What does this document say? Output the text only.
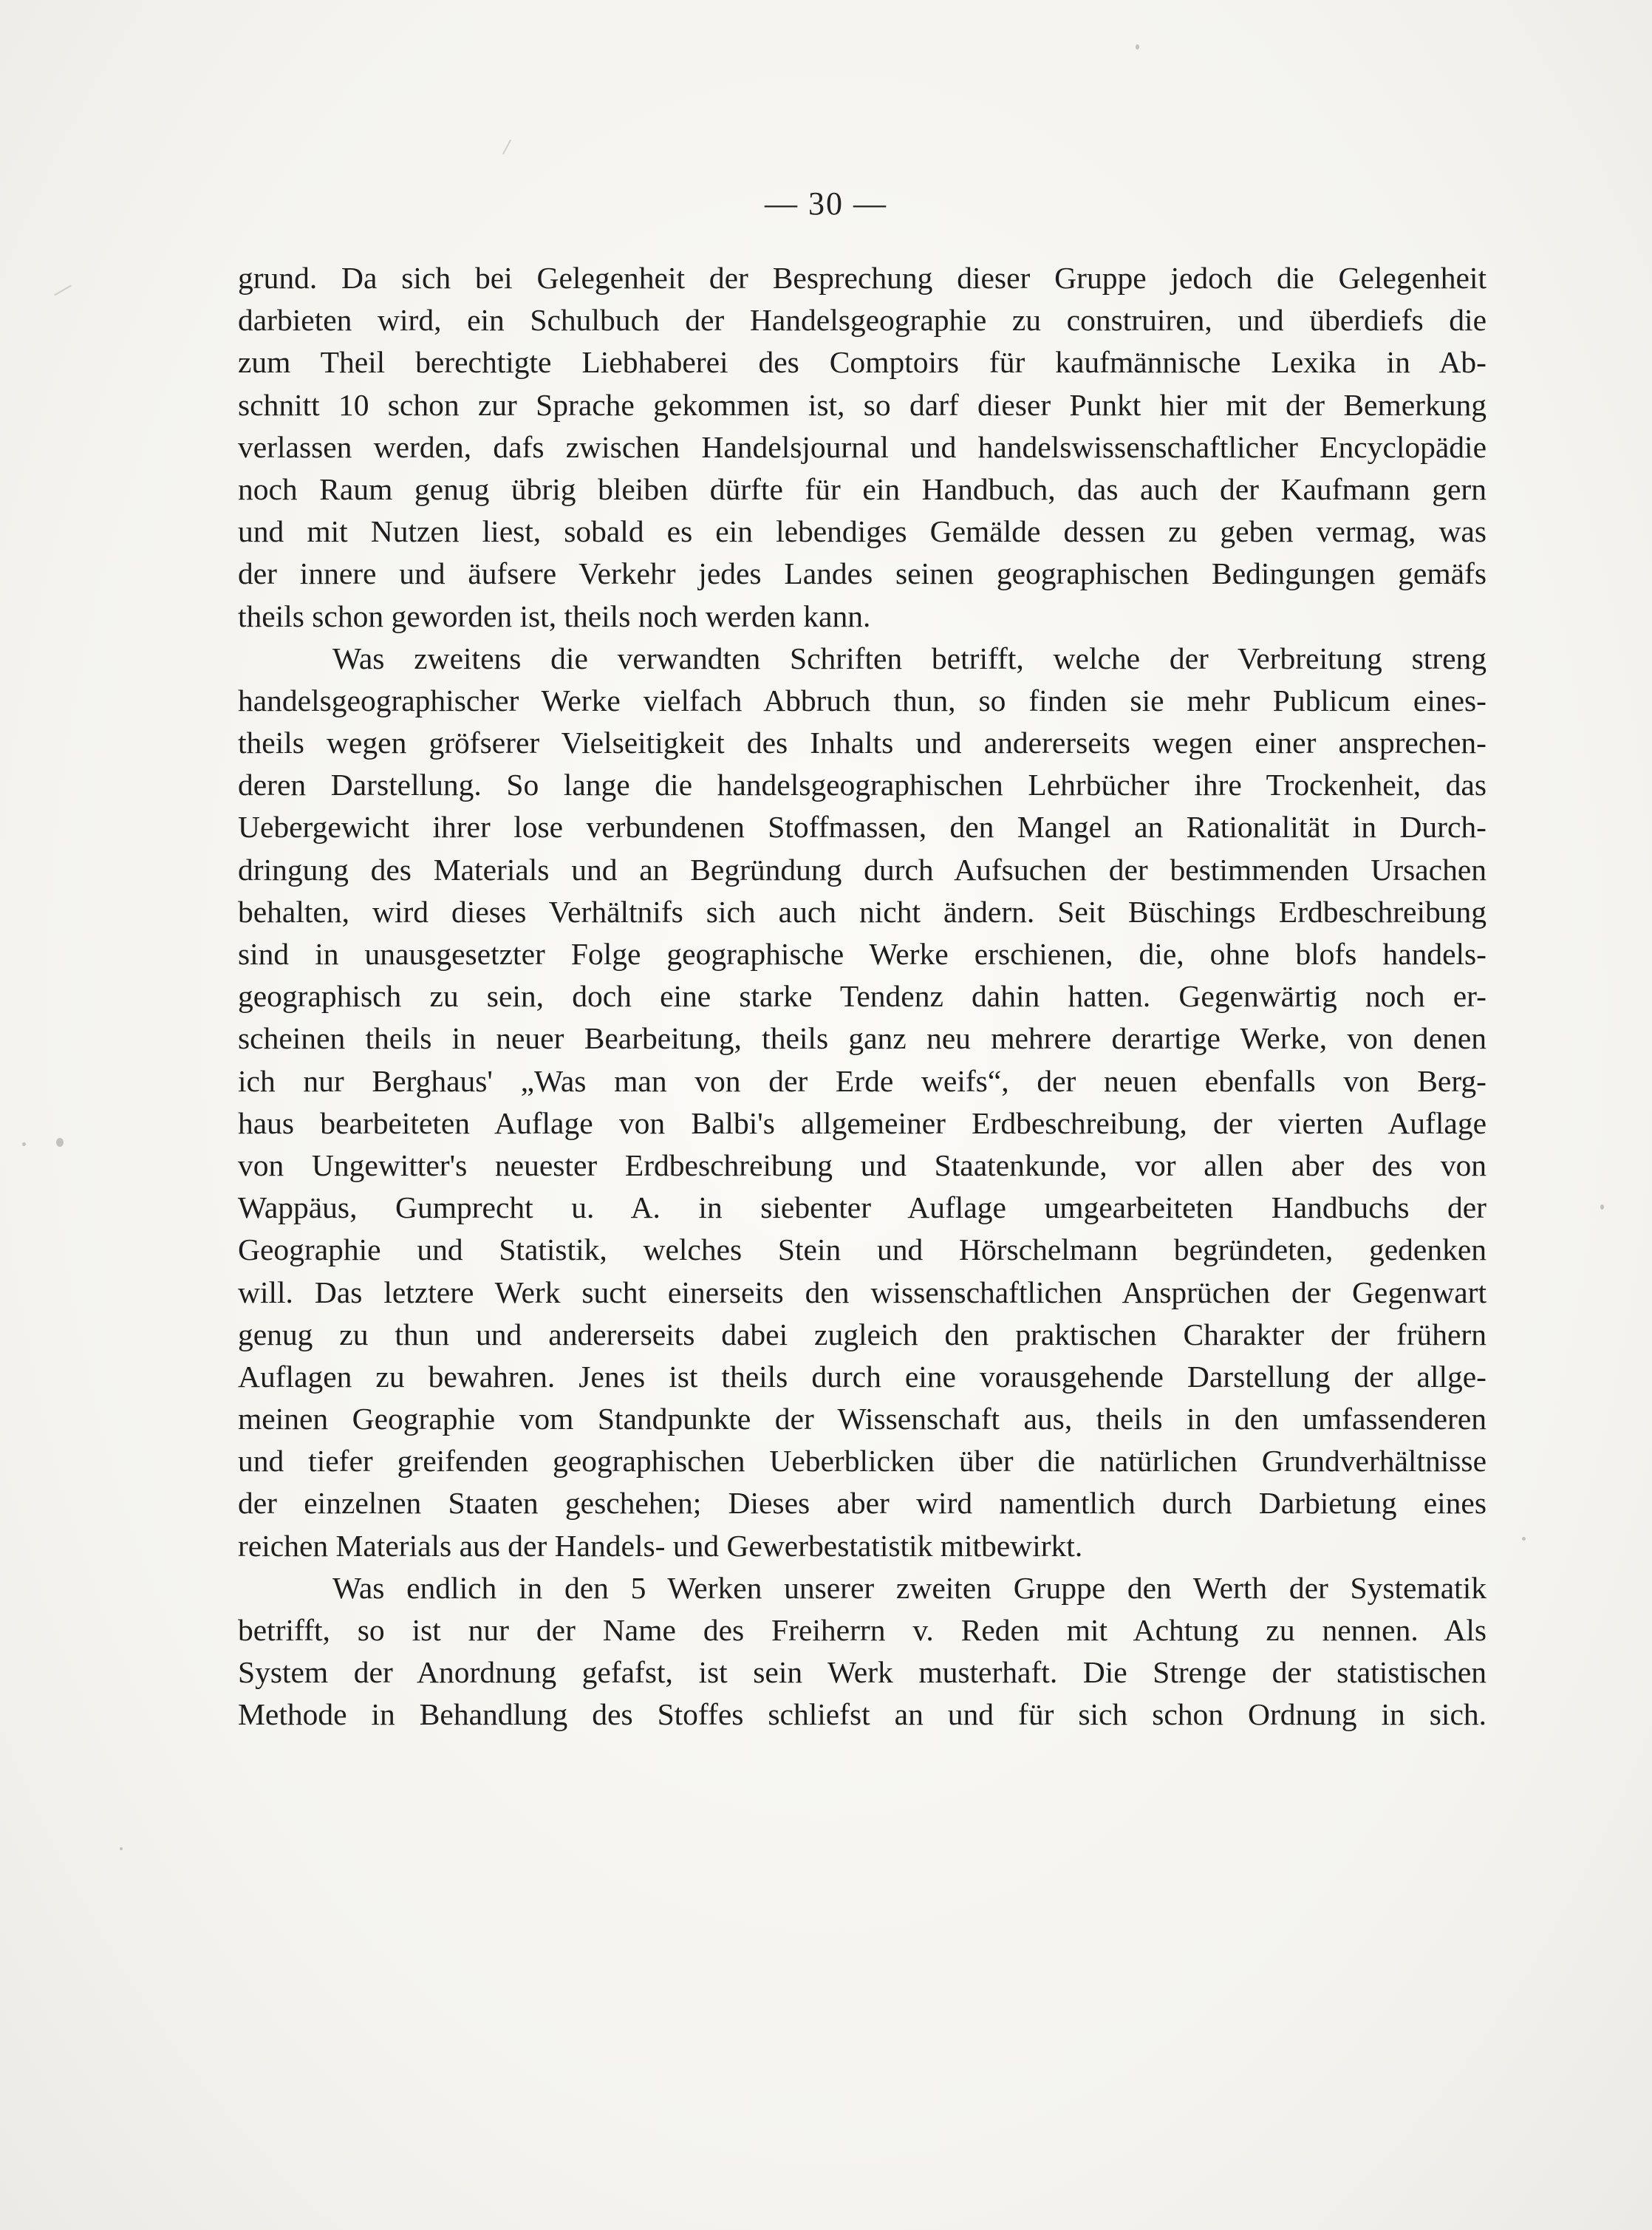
— 30 —
grund. Da sich bei Gelegenheit der Besprechung dieser Gruppe jedoch die Gelegenheit
darbieten wird, ein Schulbuch der Handelsgeographie zu construiren, und überdiefs die
zum Theil berechtigte Liebhaberei des Comptoirs für kaufmännische Lexika in Ab-
schnitt 10 schon zur Sprache gekommen ist, so darf dieser Punkt hier mit der Bemerkung
verlassen werden, dafs zwischen Handelsjournal und handelswissenschaftlicher Encyclopädie
noch Raum genug übrig bleiben dürfte für ein Handbuch, das auch der Kaufmann gern
und mit Nutzen liest, sobald es ein lebendiges Gemälde dessen zu geben vermag, was
der innere und äufsere Verkehr jedes Landes seinen geographischen Bedingungen gemäfs
theils schon geworden ist, theils noch werden kann.
Was zweitens die verwandten Schriften betrifft, welche der Verbreitung streng
handelsgeographischer Werke vielfach Abbruch thun, so finden sie mehr Publicum eines-
theils wegen gröfserer Vielseitigkeit des Inhalts und andererseits wegen einer ansprechen-
deren Darstellung. So lange die handelsgeographischen Lehrbücher ihre Trockenheit, das
Uebergewicht ihrer lose verbundenen Stoffmassen, den Mangel an Rationalität in Durch-
dringung des Materials und an Begründung durch Aufsuchen der bestimmenden Ursachen
behalten, wird dieses Verhältnifs sich auch nicht ändern. Seit Büschings Erdbeschreibung
sind in unausgesetzter Folge geographische Werke erschienen, die, ohne blofs handels-
geographisch zu sein, doch eine starke Tendenz dahin hatten. Gegenwärtig noch er-
scheinen theils in neuer Bearbeitung, theils ganz neu mehrere derartige Werke, von denen
ich nur Berghaus' „Was man von der Erde weifs“, der neuen ebenfalls von Berg-
haus bearbeiteten Auflage von Balbi's allgemeiner Erdbeschreibung, der vierten Auflage
von Ungewitter's neuester Erdbeschreibung und Staatenkunde, vor allen aber des von
Wappäus, Gumprecht u. A. in siebenter Auflage umgearbeiteten Handbuchs der
Geographie und Statistik, welches Stein und Hörschelmann begründeten, gedenken
will. Das letztere Werk sucht einerseits den wissenschaftlichen Ansprüchen der Gegenwart
genug zu thun und andererseits dabei zugleich den praktischen Charakter der frühern
Auflagen zu bewahren. Jenes ist theils durch eine vorausgehende Darstellung der allge-
meinen Geographie vom Standpunkte der Wissenschaft aus, theils in den umfassenderen
und tiefer greifenden geographischen Ueberblicken über die natürlichen Grundverhältnisse
der einzelnen Staaten geschehen; Dieses aber wird namentlich durch Darbietung eines
reichen Materials aus der Handels- und Gewerbestatistik mitbewirkt.
Was endlich in den 5 Werken unserer zweiten Gruppe den Werth der Systematik
betrifft, so ist nur der Name des Freiherrn v. Reden mit Achtung zu nennen. Als
System der Anordnung gefafst, ist sein Werk musterhaft. Die Strenge der statistischen
Methode in Behandlung des Stoffes schliefst an und für sich schon Ordnung in sich.
